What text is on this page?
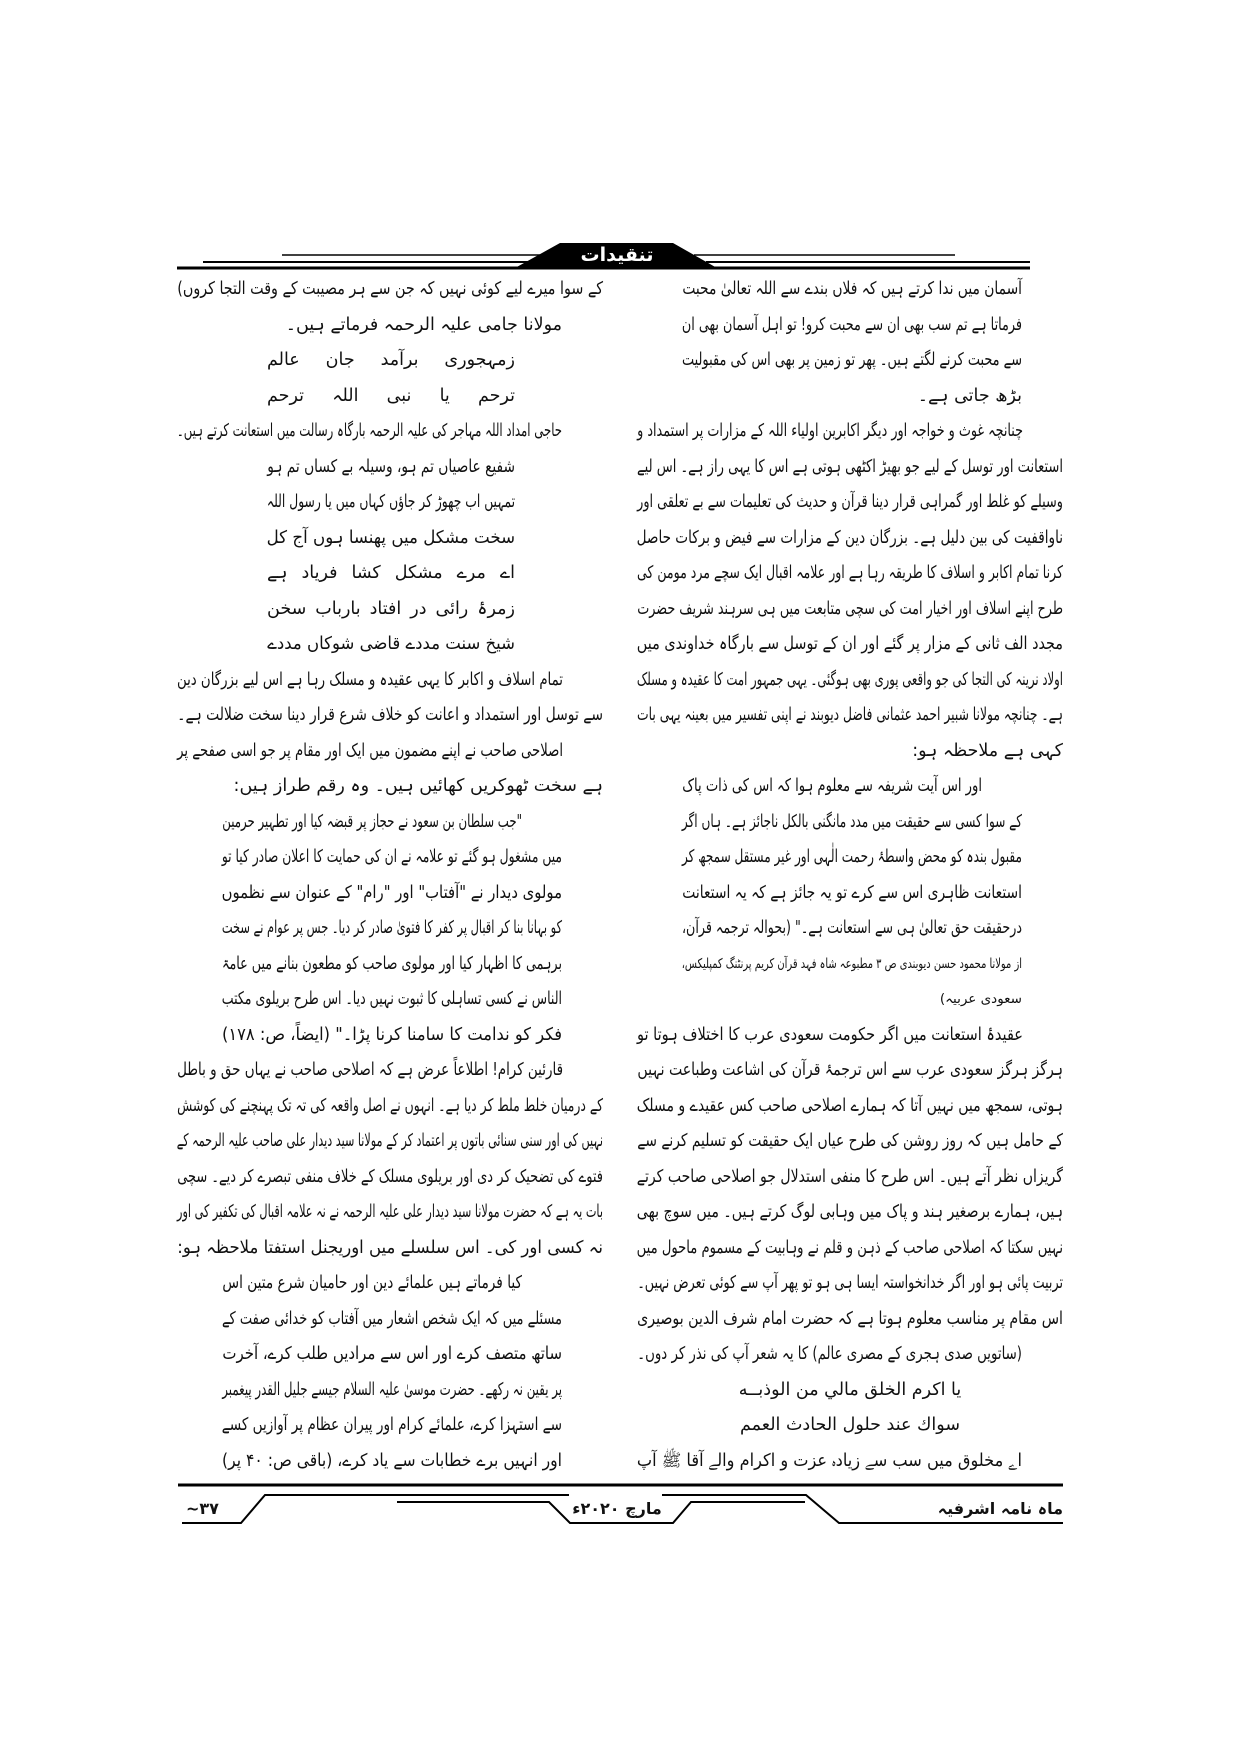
تنقیدات
آسمان میں ندا کرتے ہیں کہ فلاں بندے سے اللہ تعالیٰ محبت
فرماتا ہے تم سب بھی ان سے محبت کرو! تو اہل آسمان بھی ان
سے محبت کرنے لگتے ہیں۔ پھر تو زمین پر بھی اس کی مقبولیت
بڑھ جاتی ہے۔
چنانچہ غوث و خواجہ اور دیگر اکابرین اولیاء اللہ کے مزارات پر استمداد و
استعانت اور توسل کے لیے جو بھیڑ اکٹھی ہوتی ہے اس کا یہی راز ہے۔ اس لیے
وسیلے کو غلط اور گمراہی قرار دینا قرآن و حدیث کی تعلیمات سے بے تعلقی اور
ناواقفیت کی بین دلیل ہے۔ بزرگان دین کے مزارات سے فیض و برکات حاصل
کرنا تمام اکابر و اسلاف کا طریقہ رہا ہے اور علامہ اقبال ایک سچے مرد مومن کی
طرح اپنے اسلاف اور اخیار امت کی سچی متابعت میں ہی سرہند شریف حضرت
مجدد الف ثانی کے مزار پر گئے اور ان کے توسل سے بارگاہ خداوندی میں
اولاد نرینہ کی التجا کی جو واقعی پوری بھی ہوگئی۔ یہی جمہور امت کا عقیدہ و مسلک
ہے۔ چنانچہ مولانا شبیر احمد عثمانی فاضل دیوبند نے اپنی تفسیر میں بعینہ یہی بات
کہی ہے ملاحظہ ہو:
اور اس آیت شریفہ سے معلوم ہوا کہ اس کی ذات پاک
کے سوا کسی سے حقیقت میں مدد مانگنی بالکل ناجائز ہے۔ ہاں اگر
مقبول بندہ کو محض واسطۂ رحمت الٰہی اور غیر مستقل سمجھ کر
استعانت ظاہری اس سے کرے تو یہ جائز ہے کہ یہ استعانت
درحقیقت حق تعالیٰ ہی سے استعانت ہے۔" (بحوالہ ترجمہ قرآن،
از مولانا محمود حسن دیوبندی ص ۳ مطبوعہ شاہ فہد قرآن کریم پرنٹنگ کمپلیکس،
سعودی عربیہ)
عقیدۂ استعانت میں اگر حکومت سعودی عرب کا اختلاف ہوتا تو
ہرگز ہرگز سعودی عرب سے اس ترجمۂ قرآن کی اشاعت وطباعت نہیں
ہوتی، سمجھ میں نہیں آتا کہ ہمارے اصلاحی صاحب کس عقیدے و مسلک
کے حامل ہیں کہ روز روشن کی طرح عیاں ایک حقیقت کو تسلیم کرنے سے
گریزاں نظر آتے ہیں۔ اس طرح کا منفی استدلال جو اصلاحی صاحب کرتے
ہیں، ہمارے برصغیر ہند و پاک میں وہابی لوگ کرتے ہیں۔ میں سوچ بھی
نہیں سکتا کہ اصلاحی صاحب کے ذہن و قلم نے وہابیت کے مسموم ماحول میں
تربیت پائی ہو اور اگر خدانخواستہ ایسا ہی ہو تو پھر آپ سے کوئی تعرض نہیں۔
اس مقام پر مناسب معلوم ہوتا ہے کہ حضرت امام شرف الدین بوصیری
(ساتویں صدی ہجری کے مصری عالم) کا یہ شعر آپ کی نذر کر دوں۔
یا اکرم الخلق مالي من الوذبــه
سواك عند حلول الحادث العمم
اے مخلوق میں سب سے زیادہ عزت و اکرام والے آقا ﷺ آپ
کے سوا میرے لیے کوئی نہیں کہ جن سے ہر مصیبت کے وقت التجا کروں)
مولانا جامی علیہ الرحمہ فرماتے ہیں۔
زمہجوری برآمد جان عالم
ترحم یا نبی اللہ ترحم
حاجی امداد اللہ مہاجر کی علیہ الرحمہ بارگاہ رسالت میں استعانت کرتے ہیں۔
شفیع عاصیاں تم ہو، وسیلہ بے کساں تم ہو
تمہیں اب چھوڑ کر جاؤں کہاں میں یا رسول اللہ
سخت مشکل میں پھنسا ہوں آج کل
اے مرے مشکل کشا فریاد ہے
زمرۂ رائی در افتاد بارباب سخن
شیخ سنت مددے قاضی شوکاں مددے
تمام اسلاف و اکابر کا یہی عقیدہ و مسلک رہا ہے اس لیے بزرگان دین
سے توسل اور استمداد و اعانت کو خلاف شرع قرار دینا سخت ضلالت ہے۔
اصلاحی صاحب نے اپنے مضمون میں ایک اور مقام پر جو اسی صفحے پر
ہے سخت ٹھوکریں کھائیں ہیں۔ وہ رقم طراز ہیں:
"جب سلطان بن سعود نے حجاز پر قبضہ کیا اور تطہیر حرمین
میں مشغول ہو گئے تو علامہ نے ان کی حمایت کا اعلان صادر کیا تو
مولوی دیدار نے "آفتاب" اور "رام" کے عنوان سے نظموں
کو بہانا بنا کر اقبال پر کفر کا فتویٰ صادر کر دیا۔ جس پر عوام نے سخت
برہمی کا اظہار کیا اور مولوی صاحب کو مطعون بنانے میں عامۃ
الناس نے کسی تساہلی کا ثبوت نہیں دیا۔ اس طرح بریلوی مکتب
فکر کو ندامت کا سامنا کرنا پڑا۔" (ایضاً، ص: ۱۷۸)
قارئین کرام! اطلاعاً عرض ہے کہ اصلاحی صاحب نے یہاں حق و باطل
کے درمیان خلط ملط کر دیا ہے۔ انہوں نے اصل واقعہ کی تہ تک پہنچنے کی کوشش
نہیں کی اور سنی سنائی باتوں پر اعتماد کر کے مولانا سید دیدار علی صاحب علیہ الرحمہ کے
فتوے کی تضحیک کر دی اور بریلوی مسلک کے خلاف منفی تبصرے کر دیے۔ سچی
بات یہ ہے کہ حضرت مولانا سید دیدار علی علیہ الرحمہ نے نہ علامہ اقبال کی تکفیر کی اور
نہ کسی اور کی۔ اس سلسلے میں اوریجنل استفتا ملاحظہ ہو:
کیا فرماتے ہیں علمائے دین اور حامیان شرع متین اس
مسئلے میں کہ ایک شخص اشعار میں آفتاب کو خدائی صفت کے
ساتھ متصف کرے اور اس سے مرادیں طلب کرے، آخرت
پر یقین نہ رکھے۔ حضرت موسیٰ علیہ السلام جیسے جلیل القدر پیغمبر
سے استہزا کرے، علمائے کرام اور پیران عظام پر آوازیں کسے
اور انہیں برے خطابات سے یاد کرے، (باقی ص: ۴۰ پر)
ماہ نامہ اشرفیہ
مارچ ۲۰۲۰ء
۳۷~
